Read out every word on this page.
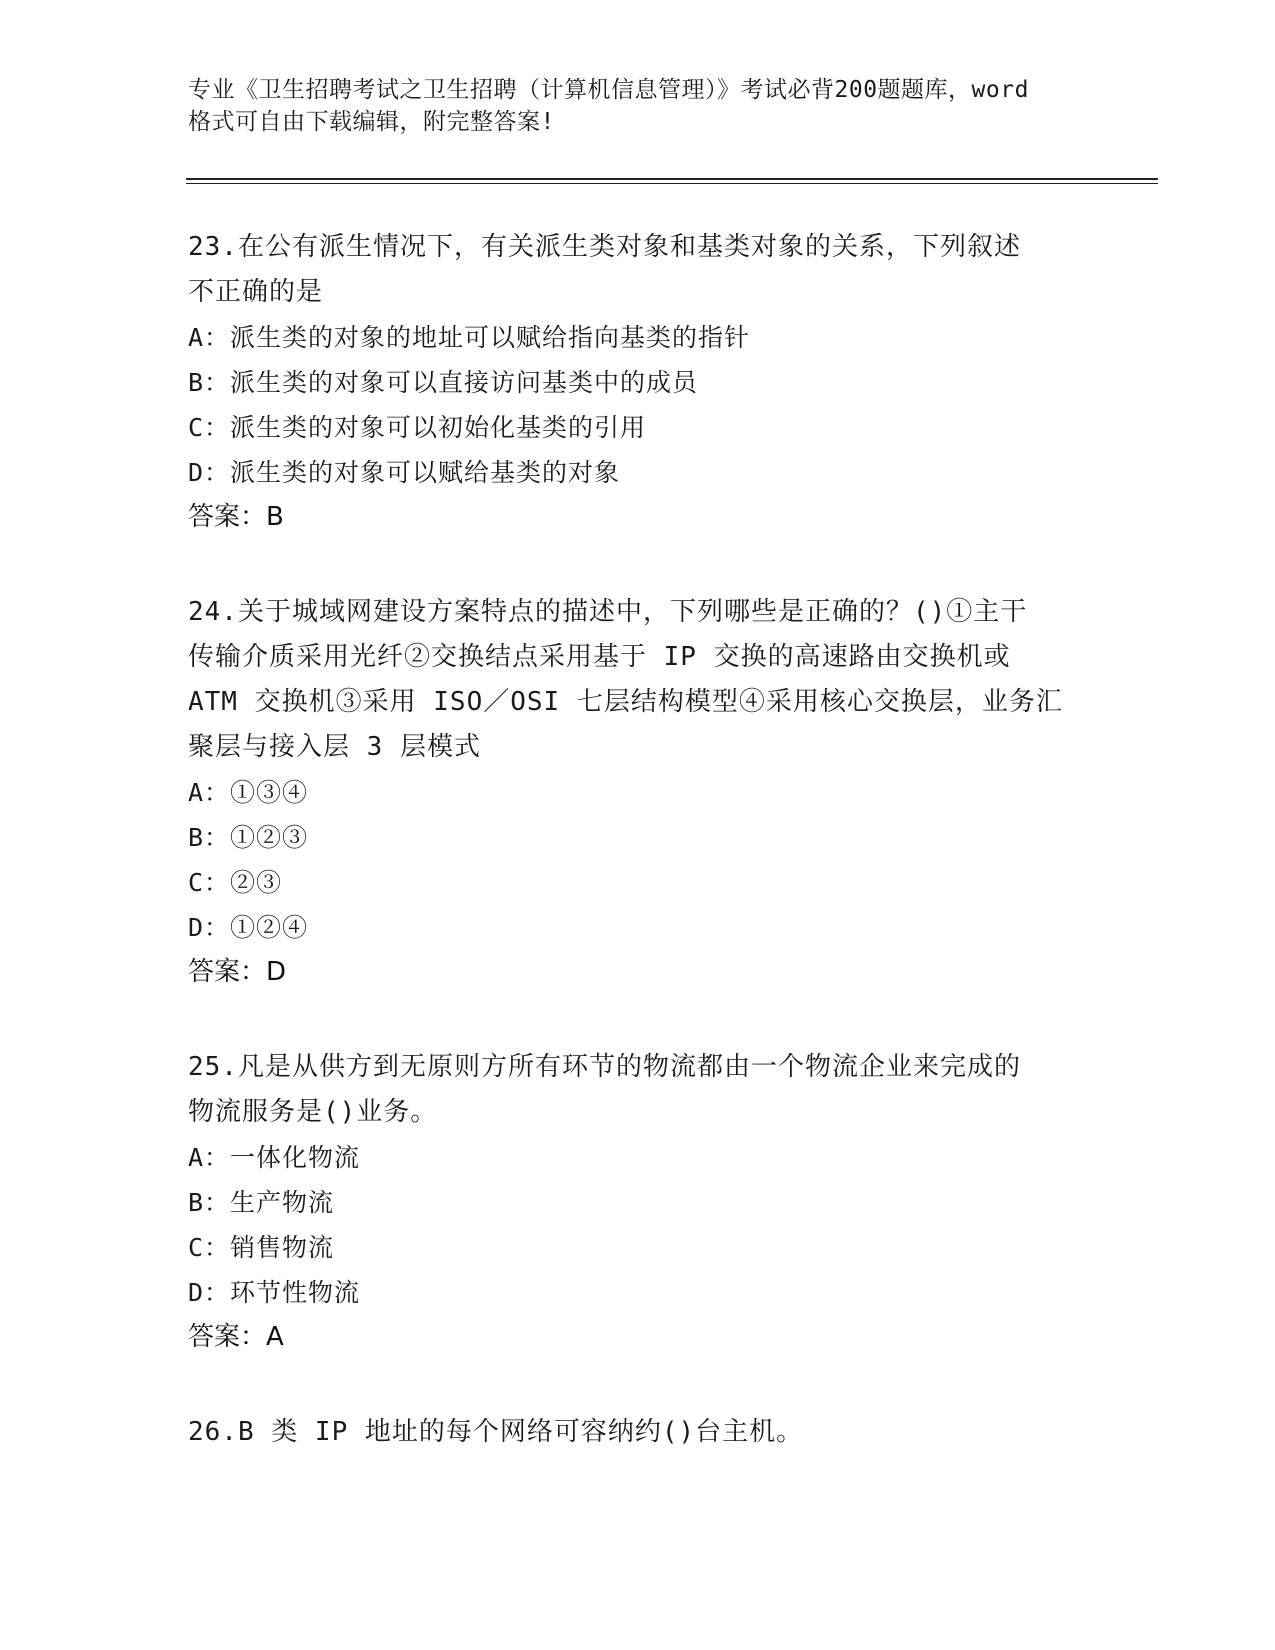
专业《卫生招聘考试之卫生招聘（计算机信息管理）》考试必背200题题库，word
格式可自由下载编辑，附完整答案!
23.在公有派生情况下，有关派生类对象和基类对象的关系，下列叙述
不正确的是
A：派生类的对象的地址可以赋给指向基类的指针
B：派生类的对象可以直接访问基类中的成员
C：派生类的对象可以初始化基类的引用
D：派生类的对象可以赋给基类的对象
答案：B
24.关于城域网建设方案特点的描述中，下列哪些是正确的？()①主干
传输介质采用光纤②交换结点采用基于 IP 交换的高速路由交换机或
ATM 交换机③采用 ISO／OSI 七层结构模型④采用核心交换层，业务汇
聚层与接入层 3 层模式
A：①③④
B：①②③
C：②③
D：①②④
答案：D
25.凡是从供方到无原则方所有环节的物流都由一个物流企业来完成的
物流服务是()业务。
A：一体化物流
B：生产物流
C：销售物流
D：环节性物流
答案：A
26.B 类 IP 地址的每个网络可容纳约()台主机。
